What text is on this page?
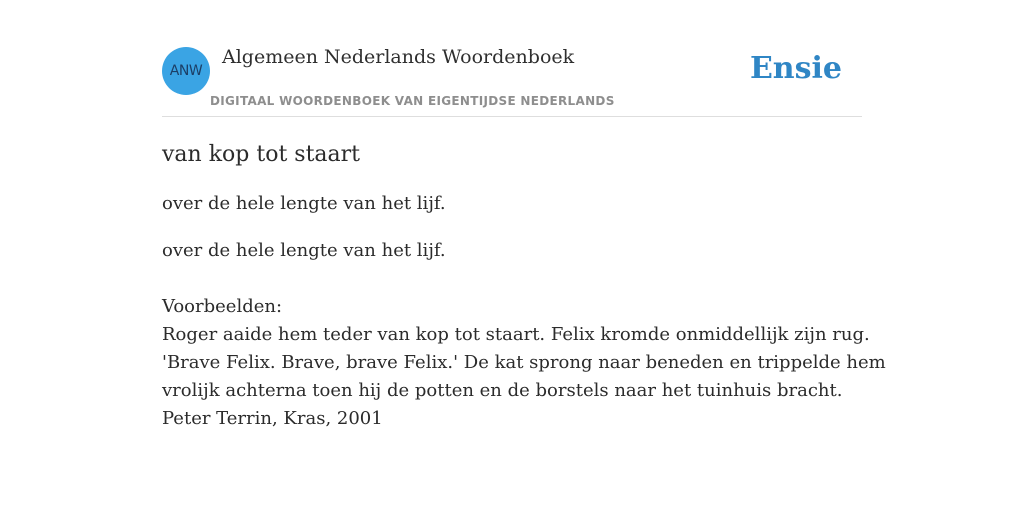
ANW
Algemeen Nederlands Woordenboek
DIGITAAL WOORDENBOEK VAN EIGENTIJDSE NEDERLANDS
Ensie
van kop tot staart
over de hele lengte van het lijf.
over de hele lengte van het lijf.
Voorbeelden:
Roger aaide hem teder van kop tot staart. Felix kromde onmiddellijk zijn rug.
'Brave Felix. Brave, brave Felix.' De kat sprong naar beneden en trippelde hem
vrolijk achterna toen hij de potten en de borstels naar het tuinhuis bracht.
Peter Terrin, Kras, 2001
